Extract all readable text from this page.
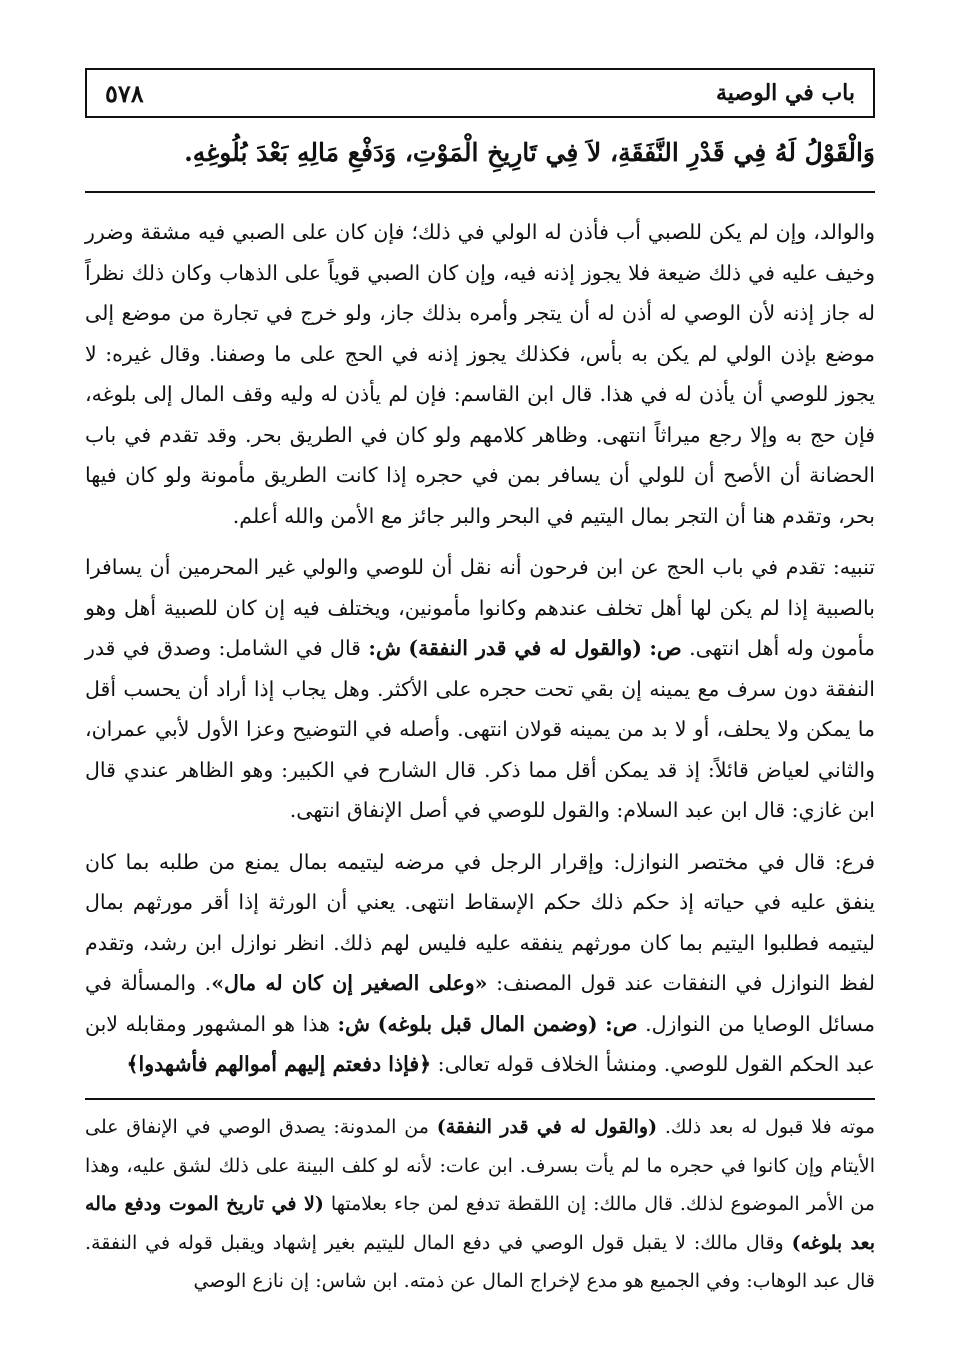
٥٧٨	باب في الوصية
وَالْقَوْلُ لَهُ فِي قَدْرِ النَّفَقَةِ، لاَ فِي تَارِيخِ الْمَوْتِ، وَدَفْعِ مَالِهِ بَعْدَ بُلُوغِهِ.

والوالد، وإن لم يكن للصبي أب فأذن له الولي في ذلك؛ فإن كان على الصبي فيه مشقة وضرر وخيف عليه في ذلك ضيعة فلا يجوز إذنه فيه، وإن كان الصبي قوياً على الذهاب وكان ذلك نظراً له جاز إذنه لأن الوصي له أذن له أن يتجر وأمره بذلك جاز، ولو خرج في تجارة من موضع إلى موضع بإذن الولي لم يكن به بأس، فكذلك يجوز إذنه في الحج على ما وصفنا. وقال غيره: لا يجوز للوصي أن يأذن له في هذا. قال ابن القاسم: فإن لم يأذن له وليه وقف المال إلى بلوغه، فإن حج به وإلا رجع ميراثاً انتهى. وظاهر كلامهم ولو كان في الطريق بحر. وقد تقدم في باب الحضانة أن الأصح أن للولي أن يسافر بمن في حجره إذا كانت الطريق مأمونة ولو كان فيها بحر، وتقدم هنا أن التجر بمال اليتيم في البحر والبر جائز مع الأمن والله أعلم.

تنبيه: تقدم في باب الحج عن ابن فرحون أنه نقل أن للوصي والولي غير المحرمين أن يسافرا بالصبية إذا لم يكن لها أهل تخلف عندهم وكانوا مأمونين، ويختلف فيه إن كان للصبية أهل وهو مأمون وله أهل انتهى. ص: (والقول له في قدر النفقة) ش: قال في الشامل: وصدق في قدر النفقة دون سرف مع يمينه إن بقي تحت حجره على الأكثر. وهل يجاب إذا أراد أن يحسب أقل ما يمكن ولا يحلف، أو لا بد من يمينه قولان انتهى. وأصله في التوضيح وعزا الأول لأبي عمران، والثاني لعياض قائلاً: إذ قد يمكن أقل مما ذكر. قال الشارح في الكبير: وهو الظاهر عندي قال ابن غازي: قال ابن عبد السلام: والقول للوصي في أصل الإنفاق انتهى.

فرع: قال في مختصر النوازل: وإقرار الرجل في مرضه ليتيمه بمال يمنع من طلبه بما كان ينفق عليه في حياته إذ حكم ذلك حكم الإسقاط انتهى. يعني أن الورثة إذا أقر مورثهم بمال ليتيمه فطلبوا اليتيم بما كان مورثهم ينفقه عليه فليس لهم ذلك. انظر نوازل ابن رشد، وتقدم لفظ النوازل في النفقات عند قول المصنف: «وعلى الصغير إن كان له مال». والمسألة في مسائل الوصايا من النوازل. ص: (وضمن المال قبل بلوغه) ش: هذا هو المشهور ومقابله لابن عبد الحكم القول للوصي. ومنشأ الخلاف قوله تعالى: ﴿فإذا دفعتم إليهم أموالهم فأشهدوا﴾

موته فلا قبول له بعد ذلك. (والقول له في قدر النفقة) من المدونة: يصدق الوصي في الإنفاق على الأيتام وإن كانوا في حجره ما لم يأت بسرف. ابن عات: لأنه لو كلف البينة على ذلك لشق عليه، وهذا من الأمر الموضوع لذلك. قال مالك: إن اللقطة تدفع لمن جاء بعلامتها (لا في تاريخ الموت ودفع ماله بعد بلوغه) وقال مالك: لا يقبل قول الوصي في دفع المال لليتيم بغير إشهاد ويقبل قوله في النفقة. قال عبد الوهاب: وفي الجميع هو مدع لإخراج المال عن ذمته. ابن شاس: إن نازع الوصي
